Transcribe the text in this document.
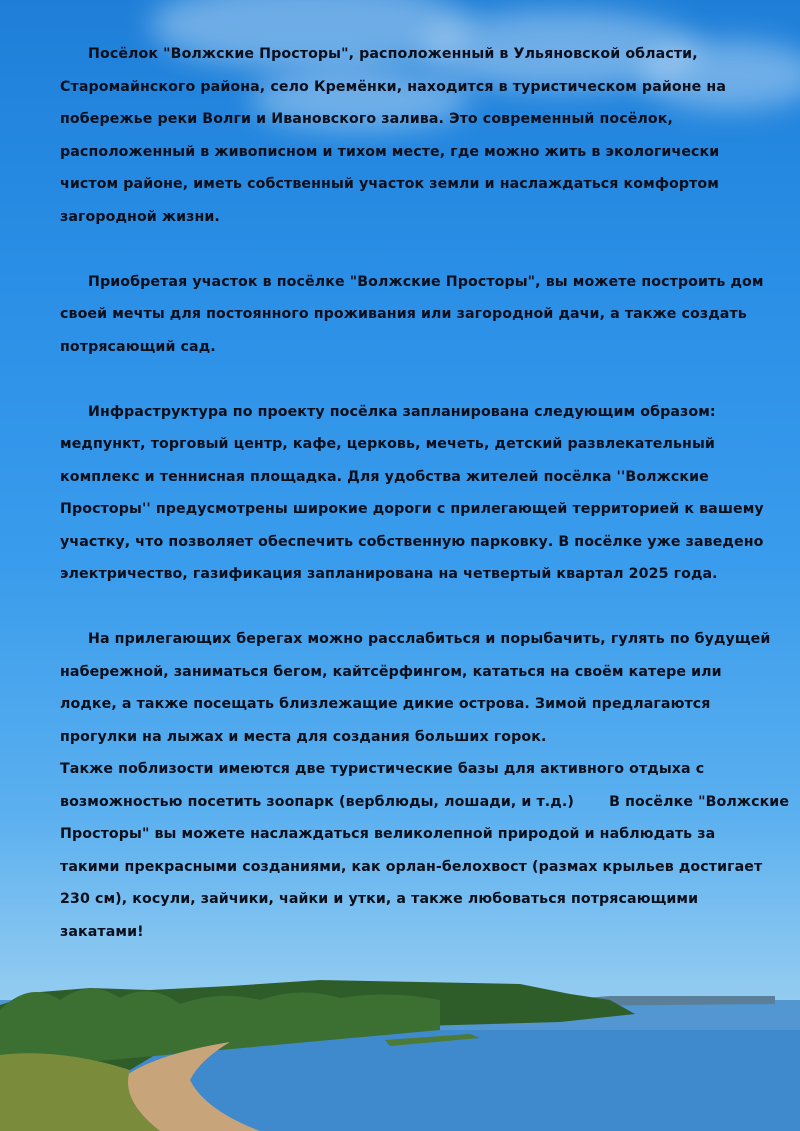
Посёлок "Волжские Просторы", расположенный в Ульяновской области,
Старомайнского района, село Кремёнки, находится в туристическом районе на
побережье реки Волги и Ивановского залива. Это современный посёлок,
расположенный в живописном и тихом месте, где можно жить в экологически
чистом районе, иметь собственный участок земли и наслаждаться комфортом
загородной жизни.
Приобретая участок в посёлке "Волжские Просторы", вы можете построить дом
своей мечты для постоянного проживания или загородной дачи, а также создать
потрясающий сад.
Инфраструктура по проекту посёлка запланирована следующим образом:
медпункт, торговый центр, кафе, церковь, мечеть, детский развлекательный
комплекс и теннисная площадка. Для удобства жителей посёлка ''Волжские
Просторы'' предусмотрены широкие дороги с прилегающей территорией к вашему
участку, что позволяет обеспечить собственную парковку. В посёлке уже заведено
электричество, газификация запланирована на четвертый квартал 2025 года.
На прилегающих берегах можно расслабиться и порыбачить, гулять по будущей
набережной, заниматься бегом, кайтсёрфингом, кататься на своём катере или
лодке, а также посещать близлежащие дикие острова. Зимой предлагаются
прогулки на лыжах и места для создания больших горок.
Также поблизости имеются две туристические базы для активного отдыха с
возможностью посетить зоопарк (верблюды, лошади, и т.д.)       В посёлке "Волжские
Просторы" вы можете наслаждаться великолепной природой и наблюдать за
такими прекрасными созданиями, как орлан-белохвост (размах крыльев достигает
230 см), косули, зайчики, чайки и утки, а также любоваться потрясающими
закатами!
